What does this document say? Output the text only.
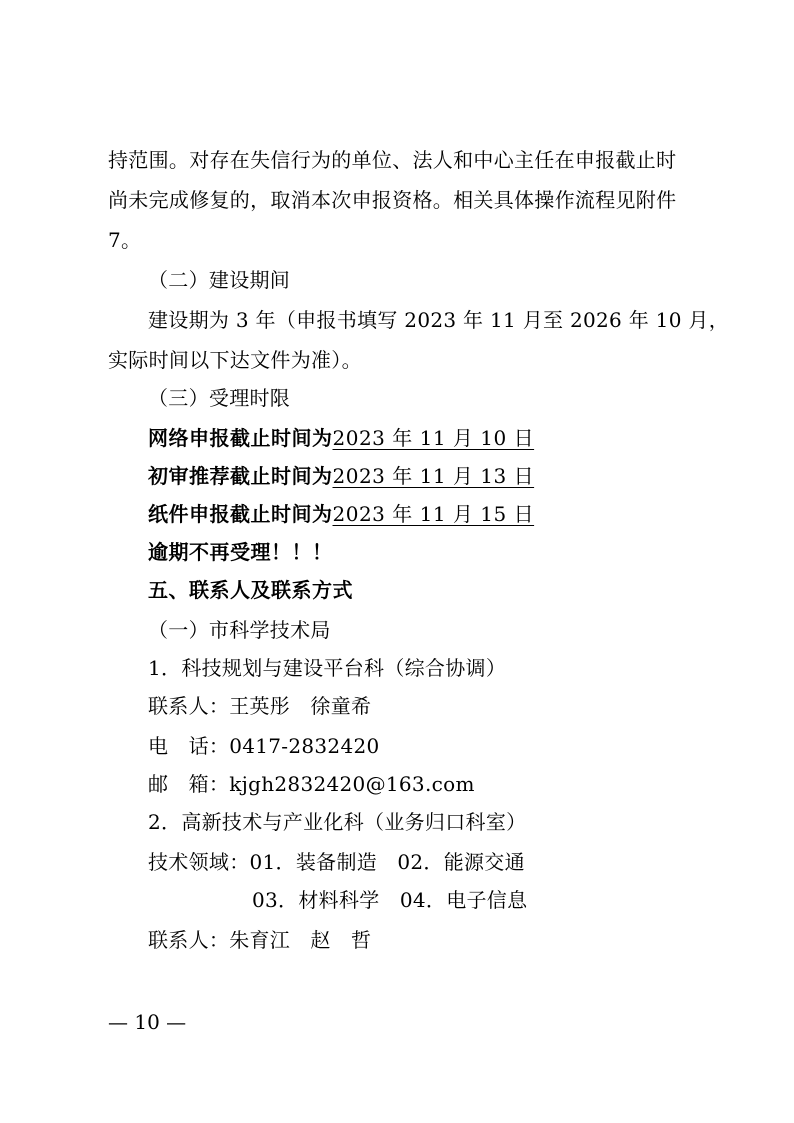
持范围。对存在失信行为的单位、法人和中心主任在申报截止时
尚未完成修复的，取消本次申报资格。相关具体操作流程见附件
7。
（二）建设期间
建设期为 3 年（申报书填写 2023 年 11 月至 2026 年 10 月，
实际时间以下达文件为准）。
（三）受理时限
网络申报截止时间为2023 年 11 月 10 日
初审推荐截止时间为2023 年 11 月 13 日
纸件申报截止时间为2023 年 11 月 15 日
逾期不再受理！！！
五、联系人及联系方式
（一）市科学技术局
1．科技规划与建设平台科（综合协调）
联系人：王英彤　徐童希
电　话：0417-2832420
邮　箱：kjgh2832420@163.com
2．高新技术与产业化科（业务归口科室）
技术领域：01．装备制造　02．能源交通
03．材料科学　04．电子信息
联系人：朱育江　赵　哲
— 10 —
